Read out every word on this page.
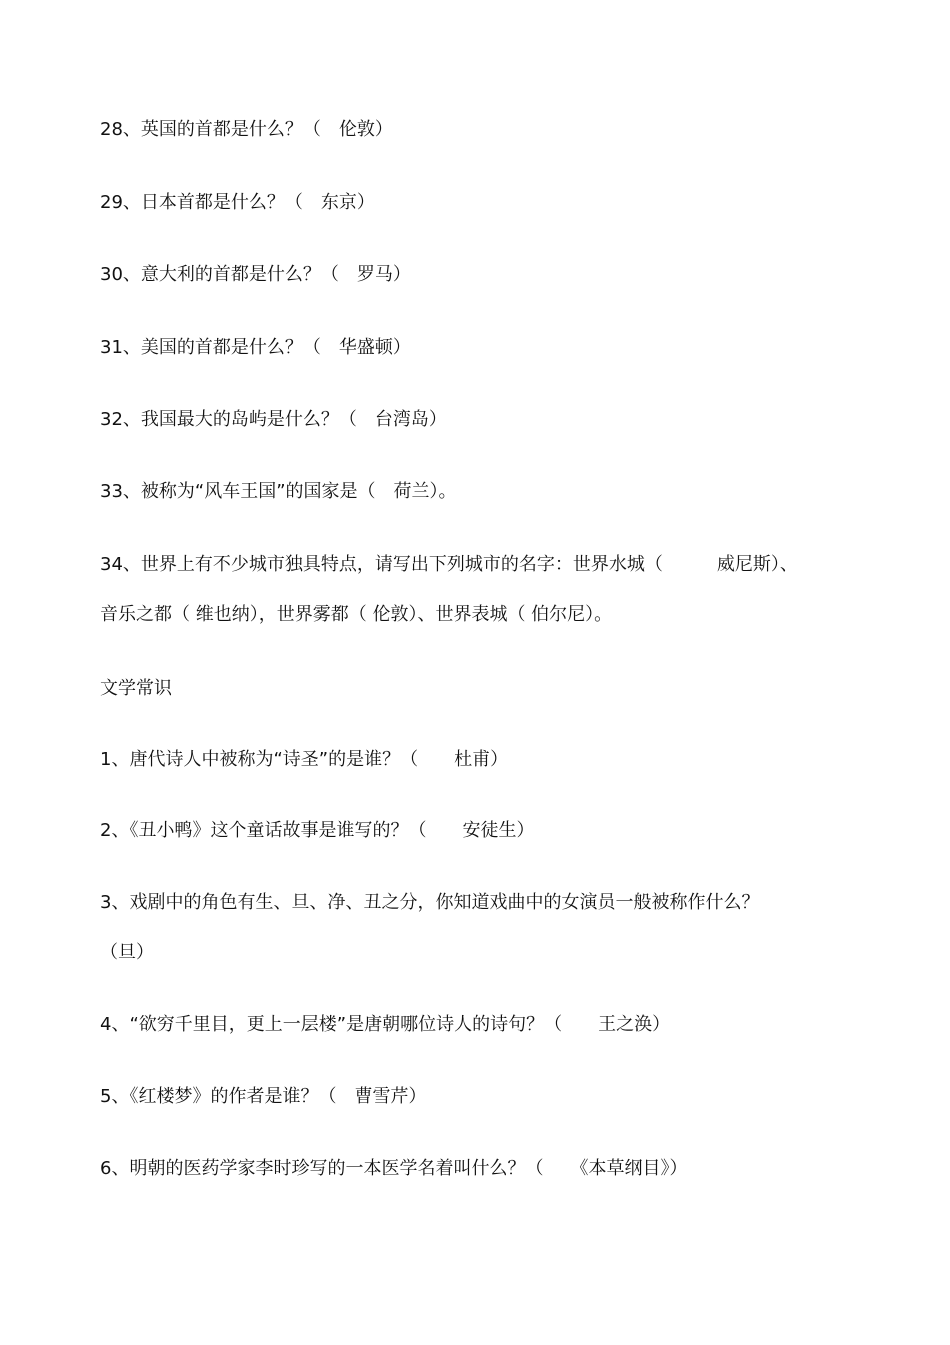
28、英国的首都是什么？（　伦敦）

29、日本首都是什么？（　东京）

30、意大利的首都是什么？（　罗马）

31、美国的首都是什么？（　华盛顿）

32、我国最大的岛屿是什么？（　台湾岛）

33、被称为“风车王国”的国家是（　荷兰）。

34、世界上有不少城市独具特点，请写出下列城市的名字：世界水城（　　　威尼斯）、

音乐之都（ 维也纳），世界雾都（ 伦敦）、世界表城（ 伯尔尼）。

文学常识

1、唐代诗人中被称为“诗圣”的是谁？（　　杜甫）

2、《丑小鸭》这个童话故事是谁写的？（　　安徒生）

3、戏剧中的角色有生、旦、净、丑之分，你知道戏曲中的女演员一般被称作什么？

（旦）

4、“欲穷千里目，更上一层楼”是唐朝哪位诗人的诗句？（　　王之涣）

5、《红楼梦》的作者是谁？（　曹雪芹）

6、明朝的医药学家李时珍写的一本医学名着叫什么？（　　《本草纲目》）
